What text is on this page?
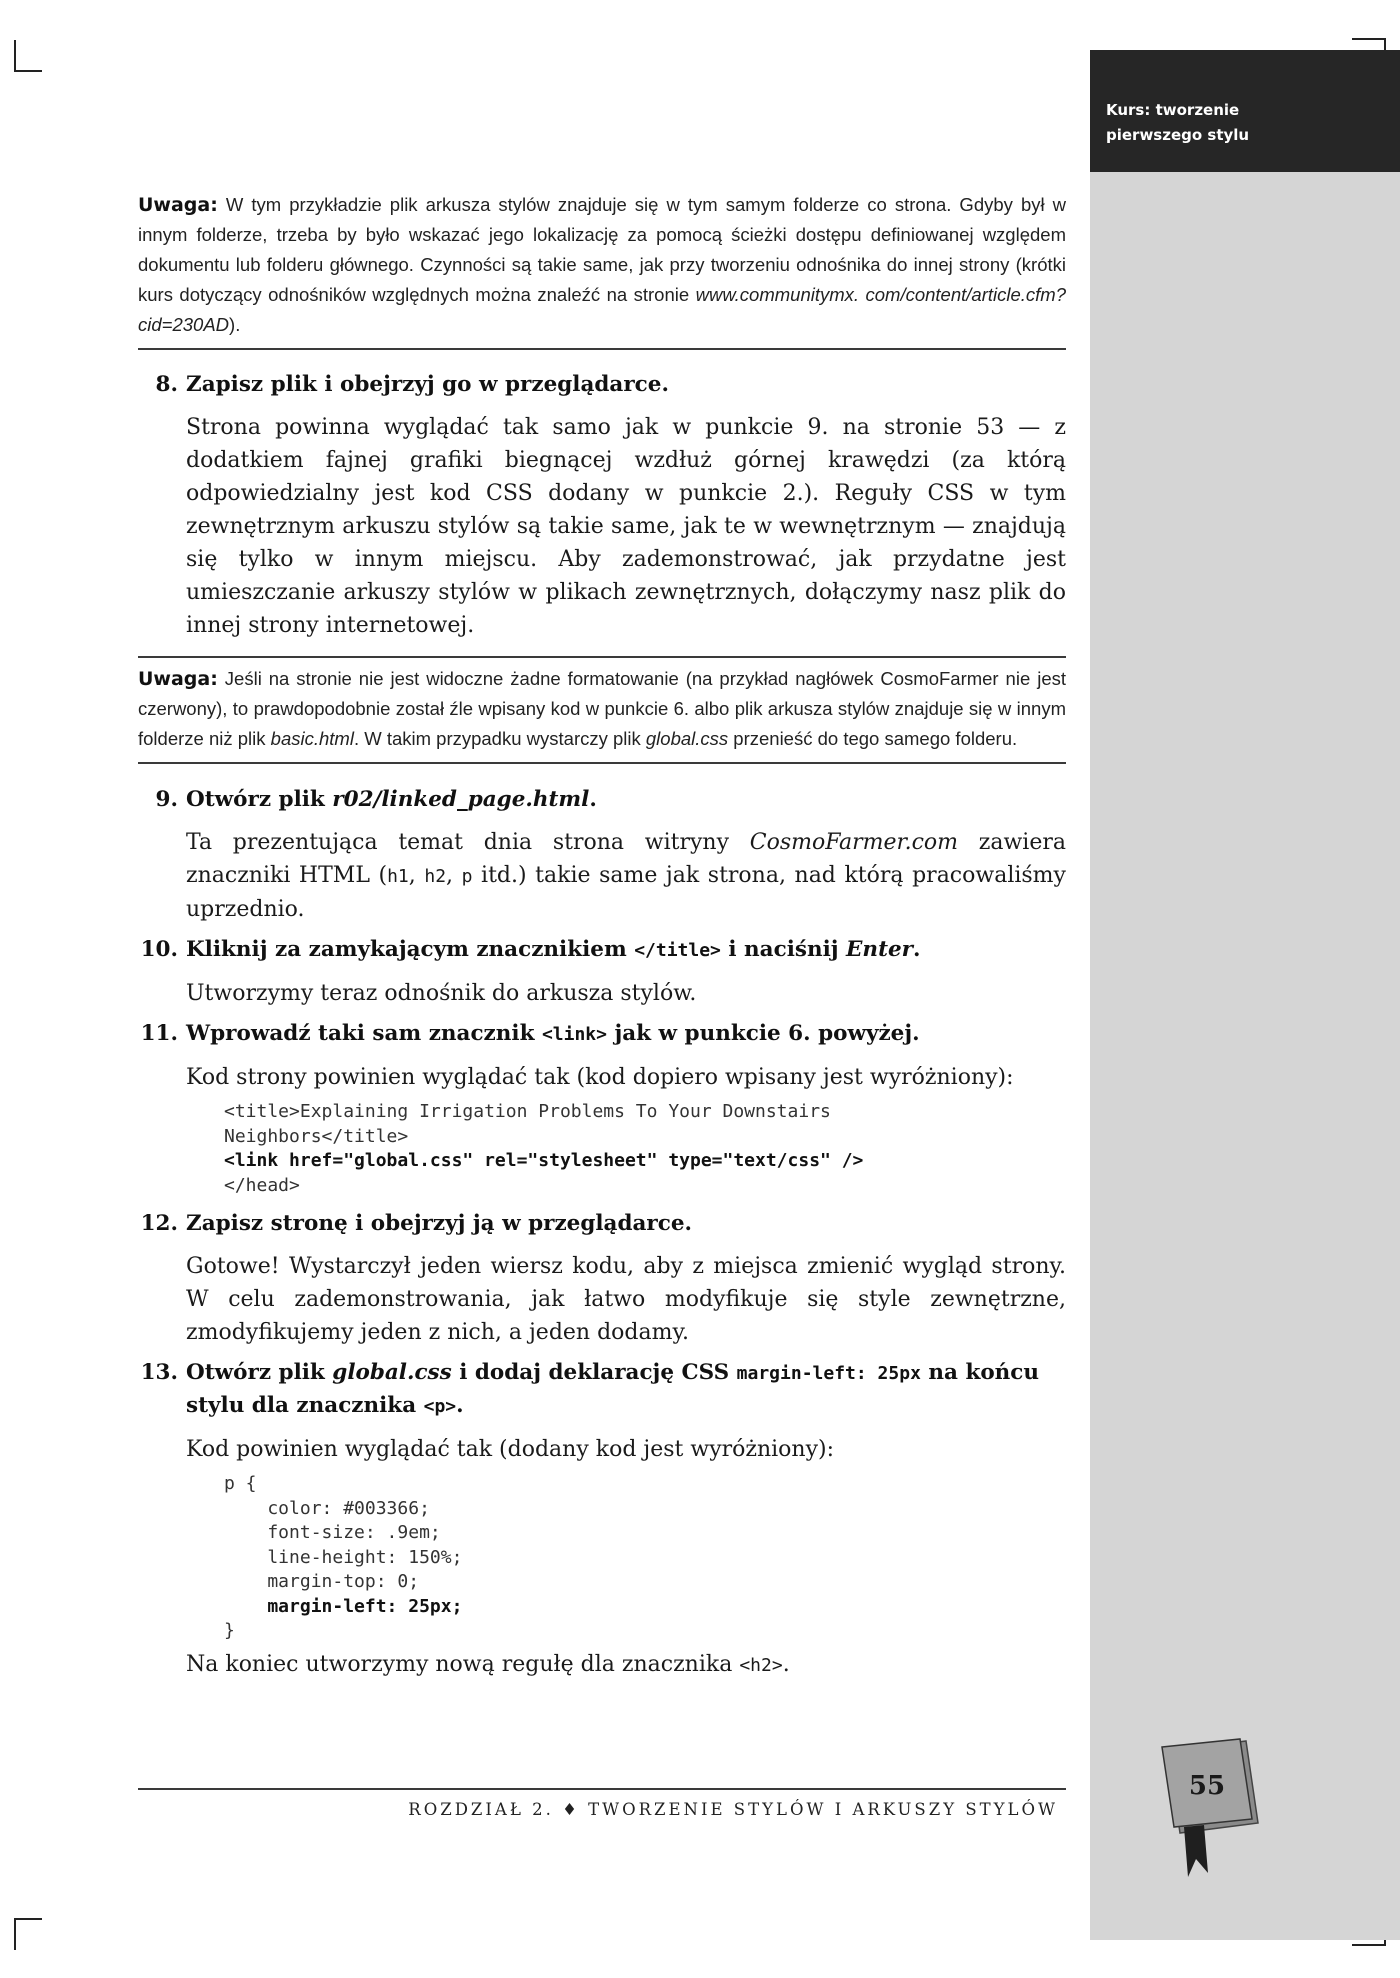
Kurs: tworzenie
pierwszego stylu

Uwaga: W tym przykładzie plik arkusza stylów znajduje się w tym samym folderze co strona. Gdyby był w innym folderze, trzeba by było wskazać jego lokalizację za pomocą ścieżki dostępu definiowanej względem dokumentu lub folderu głównego. Czynności są takie same, jak przy tworzeniu odnośnika do innej strony (krótki kurs dotyczący odnośników względnych można znaleźć na stronie www.communitymx. com/content/article.cfm?cid=230AD).

8. Zapisz plik i obejrzyj go w przeglądarce.

Strona powinna wyglądać tak samo jak w punkcie 9. na stronie 53 — z dodatkiem fajnej grafiki biegnącej wzdłuż górnej krawędzi (za którą odpowiedzialny jest kod CSS dodany w punkcie 2.). Reguły CSS w tym zewnętrznym arkuszu stylów są takie same, jak te w wewnętrznym — znajdują się tylko w innym miejscu. Aby zademonstrować, jak przydatne jest umieszczanie arkuszy stylów w plikach zewnętrznych, dołączymy nasz plik do innej strony internetowej.

Uwaga: Jeśli na stronie nie jest widoczne żadne formatowanie (na przykład nagłówek CosmoFarmer nie jest czerwony), to prawdopodobnie został źle wpisany kod w punkcie 6. albo plik arkusza stylów znajduje się w innym folderze niż plik basic.html. W takim przypadku wystarczy plik global.css przenieść do tego samego folderu.

9. Otwórz plik r02/linked_page.html.

Ta prezentująca temat dnia strona witryny CosmoFarmer.com zawiera znaczniki HTML (h1, h2, p itd.) takie same jak strona, nad którą pracowaliśmy uprzednio.

10. Kliknij za zamykającym znacznikiem </title> i naciśnij Enter.

Utworzymy teraz odnośnik do arkusza stylów.

11. Wprowadź taki sam znacznik <link> jak w punkcie 6. powyżej.

Kod strony powinien wyglądać tak (kod dopiero wpisany jest wyróżniony):

<title>Explaining Irrigation Problems To Your Downstairs
Neighbors</title>
<link href="global.css" rel="stylesheet" type="text/css" />
</head>

12. Zapisz stronę i obejrzyj ją w przeglądarce.

Gotowe! Wystarczył jeden wiersz kodu, aby z miejsca zmienić wygląd strony. W celu zademonstrowania, jak łatwo modyfikuje się style zewnętrzne, zmodyfikujemy jeden z nich, a jeden dodamy.

13. Otwórz plik global.css i dodaj deklarację CSS margin-left: 25px na końcu stylu dla znacznika <p>.

Kod powinien wyglądać tak (dodany kod jest wyróżniony):

p {
color: #003366;
font-size: .9em;
line-height: 150%;
margin-top: 0;
margin-left: 25px;
}

Na koniec utworzymy nową regułę dla znacznika <h2>.

ROZDZIAŁ 2. ♦ TWORZENIE STYLÓW I ARKUSZY STYLÓW
55
